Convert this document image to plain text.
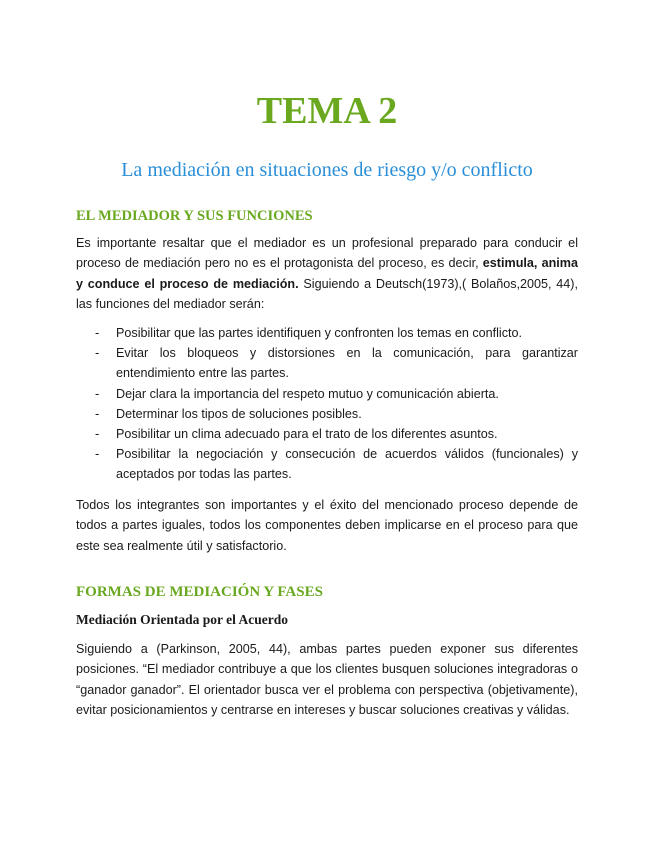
TEMA 2
La mediación en situaciones de riesgo y/o conflicto
EL MEDIADOR Y SUS FUNCIONES
Es importante resaltar que el mediador es un profesional preparado para conducir el proceso de mediación pero no es el protagonista del proceso, es decir, estimula, anima y conduce el proceso de mediación. Siguiendo a Deutsch(1973),( Bolaños,2005, 44), las funciones del mediador serán:
- Posibilitar que las partes identifiquen y confronten los temas en conflicto.
- Evitar los bloqueos y distorsiones en la comunicación, para garantizar entendimiento entre las partes.
- Dejar clara la importancia del respeto mutuo y comunicación abierta.
- Determinar los tipos de soluciones posibles.
- Posibilitar un clima adecuado para el trato de los diferentes asuntos.
- Posibilitar la negociación y consecución de acuerdos válidos (funcionales) y aceptados por todas las partes.
Todos los integrantes son importantes y el éxito del mencionado proceso depende de todos a partes iguales, todos los componentes deben implicarse en el proceso para que este sea realmente útil y satisfactorio.
FORMAS DE MEDIACIÓN Y FASES
Mediación Orientada por el Acuerdo
Siguiendo a (Parkinson, 2005, 44), ambas partes pueden exponer sus diferentes posiciones. “El mediador contribuye a que los clientes busquen soluciones integradoras o “ganador ganador”. El orientador busca ver el problema con perspectiva (objetivamente), evitar posicionamientos y centrarse en intereses y buscar soluciones creativas y válidas.
